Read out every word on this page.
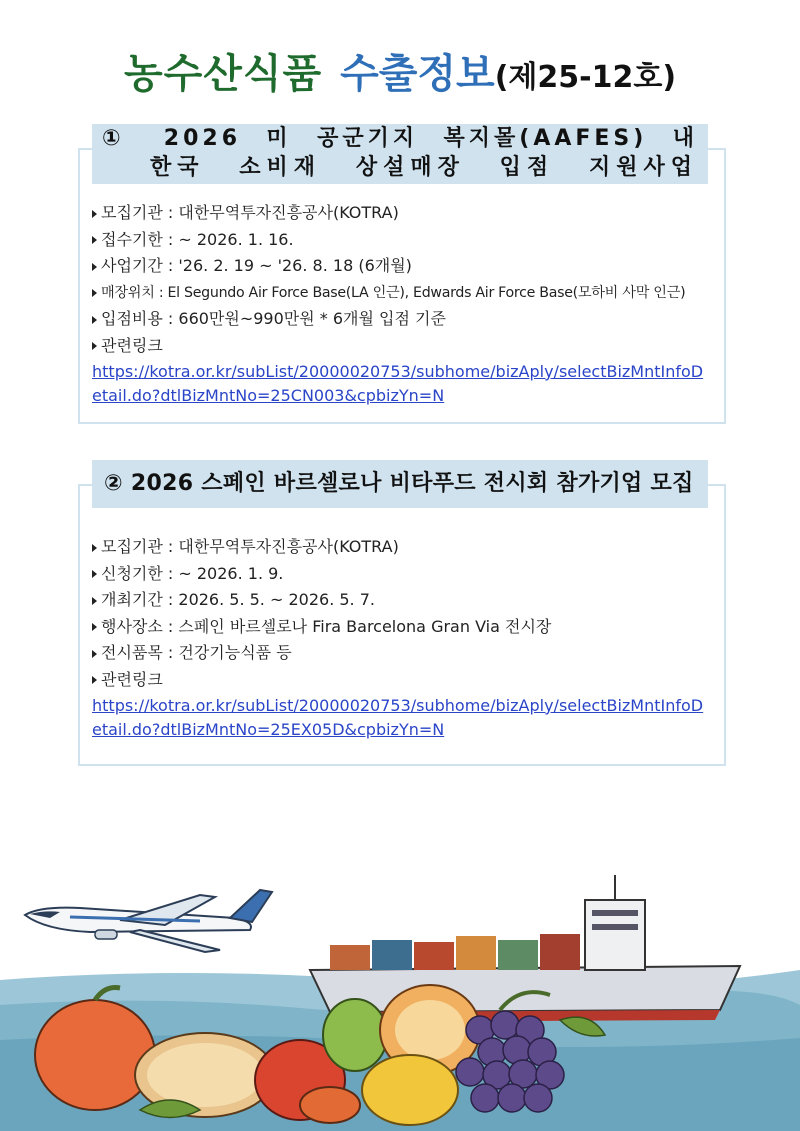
농수산식품 수출정보(제25-12호)
① 2026 미 공군기지 복지몰(AAFES) 내
한국 소비재 상설매장 입점 지원사업
모집기관 : 대한무역투자진흥공사(KOTRA)
접수기한 : ~ 2026. 1. 16.
사업기간 : '26. 2. 19 ~ '26. 8. 18 (6개월)
매장위치 : El Segundo Air Force Base(LA 인근), Edwards Air Force Base(모하비 사막 인근)
입점비용 : 660만원~990만원 * 6개월 입점 기준
관련링크
https://kotra.or.kr/subList/20000020753/subhome/bizAply/selectBizMntInfoDetail.do?dtlBizMntNo=25CN003&cpbizYn=N
② 2026 스페인 바르셀로나 비타푸드 전시회 참가기업 모집
모집기관 : 대한무역투자진흥공사(KOTRA)
신청기한 : ~ 2026. 1. 9.
개최기간 : 2026. 5. 5. ~ 2026. 5. 7.
행사장소 : 스페인 바르셀로나 Fira Barcelona Gran Via 전시장
전시품목 : 건강기능식품 등
관련링크
https://kotra.or.kr/subList/20000020753/subhome/bizAply/selectBizMntInfoDetail.do?dtlBizMntNo=25EX05D&cpbizYn=N
